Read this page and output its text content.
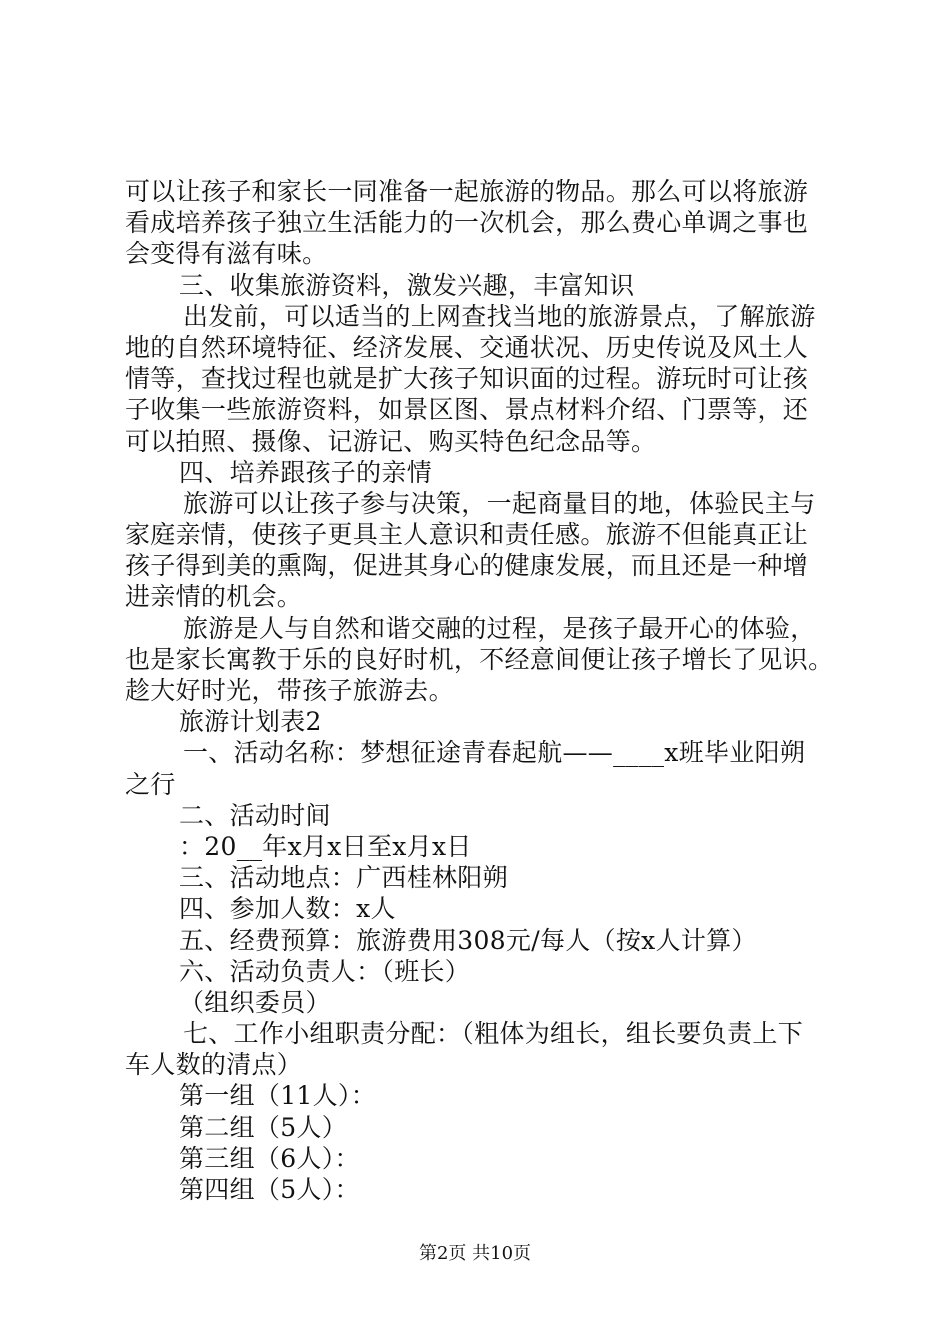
可以让孩子和家长一同准备一起旅游的物品。那么可以将旅游
看成培养孩子独立生活能力的一次机会，那么费心单调之事也
会变得有滋有味。
三、收集旅游资料，激发兴趣，丰富知识
出发前，可以适当的上网查找当地的旅游景点，了解旅游
地的自然环境特征、经济发展、交通状况、历史传说及风土人
情等，查找过程也就是扩大孩子知识面的过程。游玩时可让孩
子收集一些旅游资料，如景区图、景点材料介绍、门票等，还
可以拍照、摄像、记游记、购买特色纪念品等。
四、培养跟孩子的亲情
旅游可以让孩子参与决策，一起商量目的地，体验民主与
家庭亲情，使孩子更具主人意识和责任感。旅游不但能真正让
孩子得到美的熏陶，促进其身心的健康发展，而且还是一种增
进亲情的机会。
旅游是人与自然和谐交融的过程，是孩子最开心的体验，
也是家长寓教于乐的良好时机，不经意间便让孩子增长了见识。
趁大好时光，带孩子旅游去。
旅游计划表2
一、活动名称：梦想征途青春起航——____x班毕业阳朔
之行
二、活动时间
：20__年x月x日至x月x日
三、活动地点：广西桂林阳朔
四、参加人数：x人
五、经费预算：旅游费用308元/每人（按x人计算）
六、活动负责人：（班长）
（组织委员）
七、工作小组职责分配：（粗体为组长，组长要负责上下
车人数的清点）
第一组（11人）：
第二组（5人）
第三组（6人）：
第四组（5人）：
第2页 共10页
